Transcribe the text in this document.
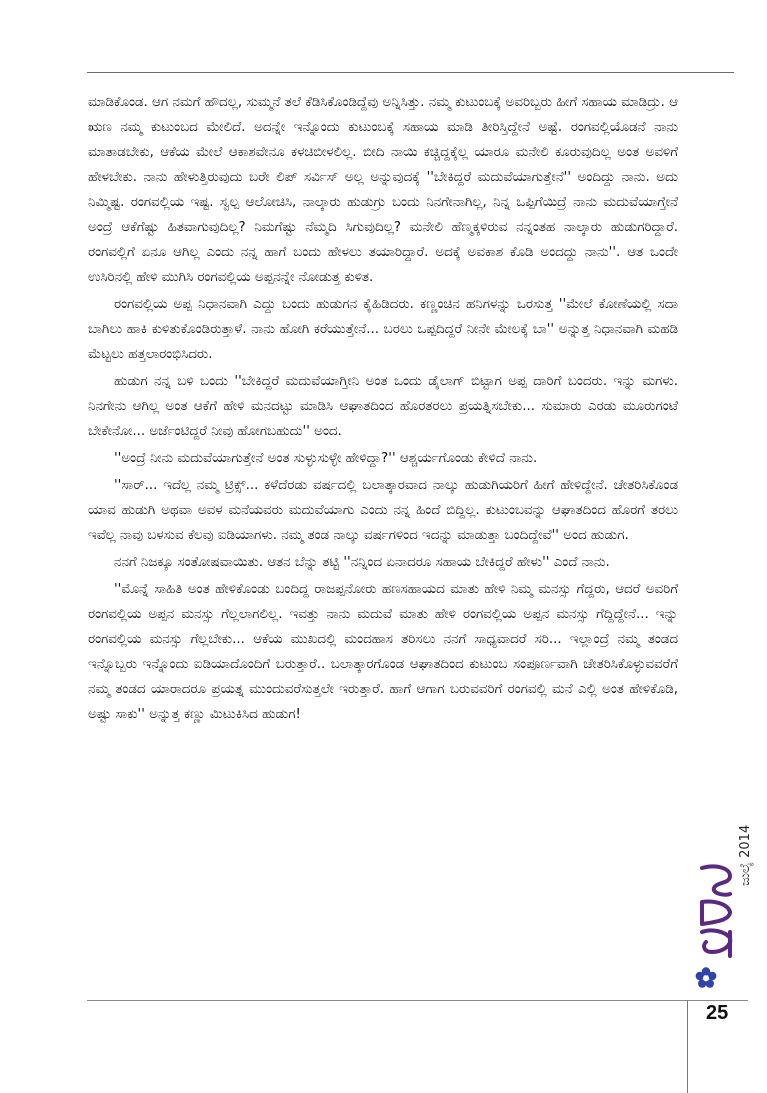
ಮಾಡಿಕೊಂಡ. ಆಗ ನಮಗೆ ಹೌದಲ್ಲ, ಸುಮ್ಮನೆ ತಲೆ ಕೆಡಿಸಿಕೊಂಡಿದ್ದೆವು ಅನ್ನಿಸಿತ್ತು. ನಮ್ಮ ಕುಟುಂಬಕ್ಕೆ ಅವರಿಬ್ಬರು ಹೀಗೆ ಸಹಾಯ ಮಾಡಿದ್ರು. ಆ ಋಣ ನಮ್ಮ ಕುಟುಂಬದ ಮೇಲಿದೆ. ಅದನ್ನೇ ಇನ್ನೊಂದು ಕುಟುಂಬಕ್ಕೆ ಸಹಾಯ ಮಾಡಿ ತೀರಿಸ್ತಿದ್ದೇನೆ ಅಷ್ಟೆ. ರಂಗವಲ್ಲಿಯೊಡನೆ ನಾನು ಮಾತಾಡಬೇಕು, ಆಕೆಯ ಮೇಲೆ ಆಕಾಶವೇನೂ ಕಳಚಿಬೀಳಲಿಲ್ಲ. ಬೀದಿ ನಾಯಿ ಕಚ್ಚಿದ್ದಕ್ಕೆಲ್ಲ ಯಾರೂ ಮನೇಲಿ ಕೂರುವುದಿಲ್ಲ ಅಂತ ಅವಳಿಗೆ ಹೇಳಬೇಕು. ನಾನು ಹೇಳುತ್ತಿರುವುದು ಬರೇ ಲಿಪ್ ಸರ್ವಿಸ್ ಅಲ್ಲ ಅನ್ನುವುದಕ್ಕೆ ''ಬೇಕಿದ್ದರೆ ಮದುವೆಯಾಗುತ್ತೇನೆ'' ಅಂದಿದ್ದು ನಾನು. ಅದು ನಿಮ್ಮಿಷ್ಟ. ರಂಗವಲ್ಲಿಯ ಇಷ್ಟ. ಸ್ವಲ್ಪ ಆಲೋಚಿಸಿ, ನಾಲ್ಕಾರು ಹುಡುಗ್ರು ಬಂದು ನಿನಗೇನಾಗಿಲ್ಲ, ನಿನ್ನ ಒಪ್ಪಿಗೆಯಿದ್ರೆ ನಾನು ಮದುವೆಯಾಗ್ತೇನೆ ಅಂದ್ರೆ ಆಕೆಗೆಷ್ಟು ಹಿತವಾಗುವುದಿಲ್ಲ? ನಿಮಗೆಷ್ಟು ನೆಮ್ಮದಿ ಸಿಗುವುದಿಲ್ಲ? ಮನೇಲಿ ಹೆಣ್ಮಕ್ಕಳಿರುವ ನನ್ನಂತಹ ನಾಲ್ಕಾರು ಹುಡುಗರಿದ್ದಾರೆ. ರಂಗವಲ್ಲಿಗೆ ಏನೂ ಆಗಿಲ್ಲ ಎಂದು ನನ್ನ ಹಾಗೆ ಬಂದು ಹೇಳಲು ತಯಾರಿದ್ದಾರೆ. ಅದಕ್ಕೆ ಅವಕಾಶ ಕೊಡಿ ಅಂದದ್ದು ನಾನು''. ಆತ ಒಂದೇ ಉಸಿರಿನಲ್ಲಿ ಹೇಳಿ ಮುಗಿಸಿ ರಂಗವಲ್ಲಿಯ ಅಪ್ಪನನ್ನೇ ನೋಡುತ್ತ ಕುಳಿತ.

ರಂಗವಲ್ಲಿಯ ಅಪ್ಪ ನಿಧಾನವಾಗಿ ಎದ್ದು ಬಂದು ಹುಡುಗನ ಕೈಹಿಡಿದರು. ಕಣ್ಣಂಚಿನ ಹನಿಗಳನ್ನು ಒರಸುತ್ತ ''ಮೇಲೆ ಕೋಣೆಯಲ್ಲಿ ಸದಾ ಬಾಗಿಲು ಹಾಕಿ ಕುಳಿತುಕೊಂಡಿರುತ್ತಾಳೆ. ನಾನು ಹೋಗಿ ಕರೆಯುತ್ತೇನೆ... ಬರಲು ಒಪ್ಪದಿದ್ದರೆ ನೀನೇ ಮೇಲಕ್ಕೆ ಬಾ'' ಅನ್ನುತ್ತ ನಿಧಾನವಾಗಿ ಮಹಡಿ ಮೆಟ್ಟಲು ಹತ್ತಲಾರಂಭಿಸಿದರು.

ಹುಡುಗ ನನ್ನ ಬಳಿ ಬಂದು ''ಬೇಕಿದ್ದರೆ ಮದುವೆಯಾಗ್ತೀನಿ ಅಂತ ಒಂದು ಡೈಲಾಗ್ ಬಿಟ್ಟಾಗ ಅಪ್ಪ ದಾರಿಗೆ ಬಂದರು. ಇನ್ನು ಮಗಳು. ನಿನಗೇನು ಆಗಿಲ್ಲ ಅಂತ ಆಕೆಗೆ ಹೇಳಿ ಮನದಟ್ಟು ಮಾಡಿಸಿ ಆಘಾತದಿಂದ ಹೊರತರಲು ಪ್ರಯತ್ನಿಸಬೇಕು... ಸುಮಾರು ಎರಡು ಮೂರುಗಂಟೆ ಬೇಕೇನೋ... ಅರ್ಜೆಂಟಿದ್ದರೆ ನೀವು ಹೋಗಬಹುದು'' ಅಂದ.

''ಅಂದ್ರೆ ನೀನು ಮದುವೆಯಾಗುತ್ತೇನೆ ಅಂತ ಸುಳ್ಳುಸುಳ್ಳೇ ಹೇಳಿದ್ದಾ?'' ಆಶ್ಚರ್ಯಗೊಂಡು ಕೇಳಿದೆ ನಾನು.

''ಸಾರ್... ಇದೆಲ್ಲ ನಮ್ಮ ಟ್ರಿಕ್ಸ್... ಕಳೆದೆರಡು ವರ್ಷದಲ್ಲಿ ಬಲಾತ್ಕಾರವಾದ ನಾಲ್ಕು ಹುಡುಗಿಯರಿಗೆ ಹೀಗೆ ಹೇಳಿದ್ದೇನೆ. ಚೇತರಿಸಿಕೊಂಡ ಯಾವ ಹುಡುಗಿ ಅಥವಾ ಅವಳ ಮನೆಯವರು ಮದುವೆಯಾಗು ಎಂದು ನನ್ನ ಹಿಂದೆ ಬಿದ್ದಿಲ್ಲ. ಕುಟುಂಬವನ್ನು ಆಘಾತದಿಂದ ಹೊರಗೆ ತರಲು ಇವೆಲ್ಲ ನಾವು ಬಳಸುವ ಕೆಲವು ಐಡಿಯಾಗಳು. ನಮ್ಮ ತಂಡ ನಾಲ್ಕು ವರ್ಷಗಳಿಂದ ಇದನ್ನು ಮಾಡುತ್ತಾ ಬಂದಿದ್ದೇವೆ'' ಅಂದ ಹುಡುಗ.

ನನಗೆ ನಿಜಕ್ಕೂ ಸಂತೋಷವಾಯಿತು. ಆತನ ಬೆನ್ನು ತಟ್ಟಿ ''ನನ್ನಿಂದ ಏನಾದರೂ ಸಹಾಯ ಬೇಕಿದ್ದರೆ ಹೇಳು'' ಎಂದೆ ನಾನು.

''ಮೊನ್ನೆ ಸಾಹಿತಿ ಅಂತ ಹೇಳಿಕೊಂಡು ಬಂದಿದ್ದ ರಾಜಪ್ಪನೋರು ಹಣಸಹಾಯದ ಮಾತು ಹೇಳಿ ನಿಮ್ಮ ಮನಸ್ಸು ಗೆದ್ದರು, ಆದರೆ ಅವರಿಗೆ ರಂಗವಲ್ಲಿಯ ಅಪ್ಪನ ಮನಸ್ಸು ಗೆಲ್ಲಲಾಗಲಿಲ್ಲ. ಇವತ್ತು ನಾನು ಮದುವೆ ಮಾತು ಹೇಳಿ ರಂಗವಲ್ಲಿಯ ಅಪ್ಪನ ಮನಸ್ಸು ಗೆದ್ದಿದ್ದೇನೆ... ಇನ್ನು ರಂಗವಲ್ಲಿಯ ಮನಸ್ಸು ಗೆಲ್ಲಬೇಕು... ಆಕೆಯ ಮುಖದಲ್ಲಿ ಮಂದಹಾಸ ತರಿಸಲು ನನಗೆ ಸಾಧ್ಯವಾದರೆ ಸರಿ... ಇಲ್ಲಾಂದ್ರೆ ನಮ್ಮ ತಂಡದ ಇನ್ನೊಬ್ಬರು ಇನ್ನೊಂದು ಐಡಿಯಾದೊಂದಿಗೆ ಬರುತ್ತಾರೆ.. ಬಲಾತ್ಕಾರಗೊಂಡ ಆಘಾತದಿಂದ ಕುಟುಂಬ ಸಂಪೂರ್ಣವಾಗಿ ಚೇತರಿಸಿಕೊಳ್ಳುವವರೆಗೆ ನಮ್ಮ ತಂಡದ ಯಾರಾದರೂ ಪ್ರಯತ್ನ ಮುಂದುವರೆಸುತ್ತಲೇ ಇರುತ್ತಾರೆ. ಹಾಗೆ ಆಗಾಗ ಬರುವವರಿಗೆ ರಂಗವಲ್ಲಿ ಮನೆ ಎಲ್ಲಿ ಅಂತ ಹೇಳಿಕೊಡಿ, ಅಷ್ಟು ಸಾಕು'' ಅನ್ನುತ್ತ ಕಣ್ಣು ಮಿಟುಕಿಸಿದ ಹುಡುಗ!

ಜುಲೈ 2014
25
